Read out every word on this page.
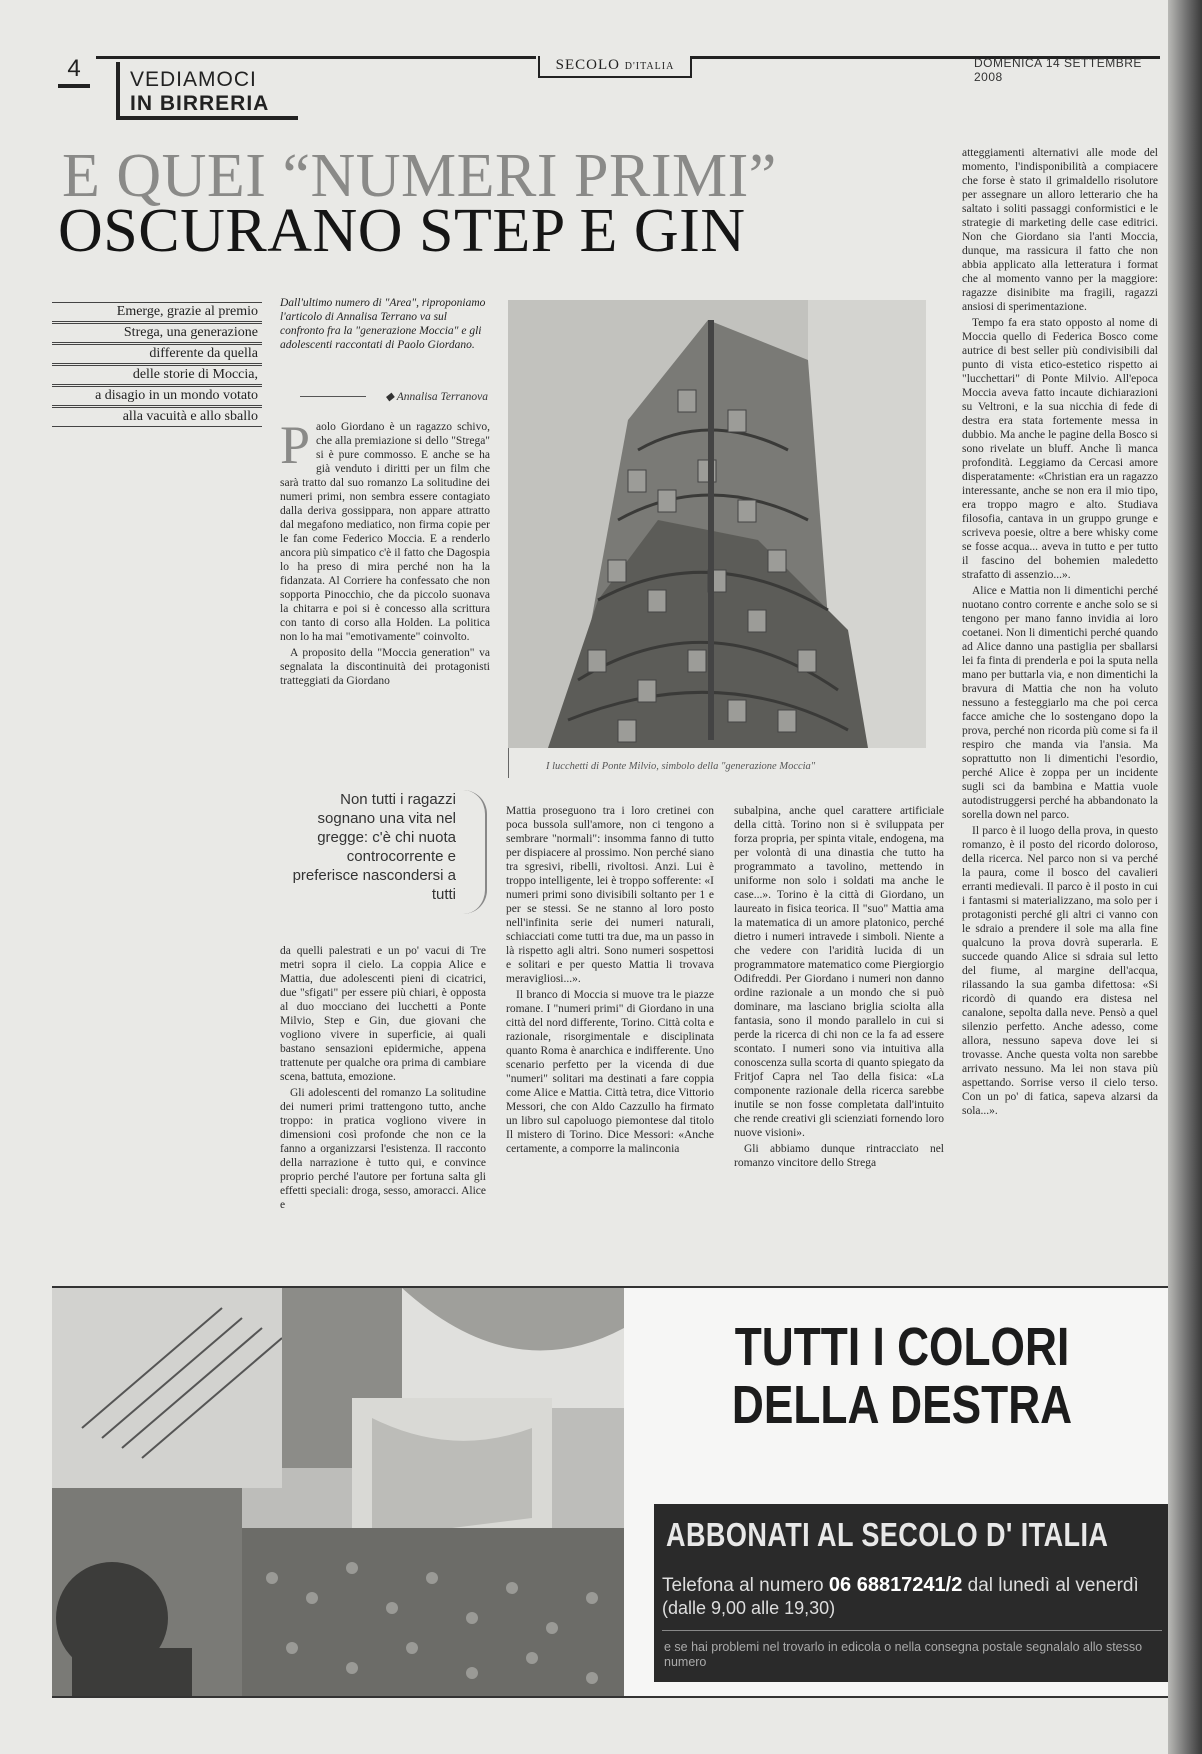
4	VEDIAMOCI
IN BIRRERIA
SECOLO D'ITALIA	DOMENICA 14 SETTEMBRE 2008
E QUEI “NUMERI PRIMI”
OSCURANO STEP E GIN
Emerge, grazie al premio
Strega, una generazione
differente da quella
delle storie di Moccia,
a disagio in un mondo votato
alla vacuità e allo sballo
Dall'ultimo numero di "Area", riproponiamo l'articolo di Annalisa Terrano va sul confronto fra la "generazione Moccia" e gli adolescenti raccontati di Paolo Giordano.
◆ Annalisa Terranova
P aolo Giordano è un ragazzo schivo, che alla premiazione si dello "Strega" si è pure commosso. E anche se ha già venduto i diritti per un film che sarà tratto dal suo romanzo La solitudine dei numeri primi, non sembra essere contagiato dalla deriva gossippara, non appare attratto dal megafono mediatico, non firma copie per le fan come Federico Moccia. E a renderlo ancora più simpatico c'è il fatto che Dagospia lo ha preso di mira perché non ha la fidanzata. Al Corriere ha confessato che non sopporta Pinocchio, che da piccolo suonava la chitarra e poi si è concesso alla scrittura con tanto di corso alla Holden. La politica non lo ha mai "emotivamente" coinvolto.

A proposito della "Moccia generation" va segnalata la discontinuità dei protagonisti tratteggiati da Giordano

I lucchetti di Ponte Milvio, simbolo della "generazione Moccia"
Non tutti i ragazzi sognano una vita nel gregge: c'è chi nuota controcorrente e preferisce nascondersi a tutti

da quelli palestrati e un po' vacui di Tre metri sopra il cielo. La coppia Alice e Mattia, due adolescenti pieni di cicatrici, due "sfigati" per essere più chiari, è opposta al duo mocciano dei lucchetti a Ponte Milvio, Step e Gin, due giovani che vogliono vivere in superficie, ai quali bastano sensazioni epidermiche, appena trattenute per qualche ora prima di cambiare scena, battuta, emozione.

Gli adolescenti del romanzo La solitudine dei numeri primi trattengono tutto, anche troppo: in pratica vogliono vivere in dimensioni così profonde che non ce la fanno a organizzarsi l'esistenza. Il racconto della narrazione è tutto qui, e convince proprio perché l'autore per fortuna salta gli effetti speciali: droga, sesso, amoracci. Alice e

Mattia proseguono tra i loro cretinei con poca bussola sull'amore, non ci tengono a sembrare "normali": insomma fanno di tutto per dispiacere al prossimo. Non perché siano tra sgresivi, ribelli, rivoltosi. Anzi. Lui è troppo intelligente, lei è troppo sofferente: «I numeri primi sono divisibili soltanto per 1 e per se stessi. Se ne stanno al loro posto nell'infinita serie dei numeri naturali, schiacciati come tutti tra due, ma un passo in là rispetto agli altri. Sono numeri sospettosi e solitari e per questo Mattia li trovava meravigliosi...».

Il branco di Moccia si muove tra le piazze romane. I "numeri primi" di Giordano in una città del nord differente, Torino. Città colta e razionale, risorgimentale e disciplinata quanto Roma è anarchica e indifferente. Uno scenario perfetto per la vicenda di due "numeri" solitari ma destinati a fare coppia come Alice e Mattia. Città tetra, dice Vittorio Messori, che con Aldo Cazzullo ha firmato un libro sul capoluogo piemontese dal titolo Il mistero di Torino. Dice Messori: «Anche certamente, a comporre la malinconia

subalpina, anche quel carattere artificiale della città. Torino non si è sviluppata per forza propria, per spinta vitale, endogena, ma per volontà di una dinastia che tutto ha programmato a tavolino, mettendo in uniforme non solo i soldati ma anche le case...». Torino è la città di Giordano, un laureato in fisica teorica. Il "suo" Mattia ama la matematica di un amore platonico, perché dietro i numeri intravede i simboli. Niente a che vedere con l'aridità lucida di un programmatore matematico come Piergiorgio Odifreddi. Per Giordano i numeri non danno ordine razionale a un mondo che si può dominare, ma lasciano briglia sciolta alla fantasia, sono il mondo parallelo in cui si perde la ricerca di chi non ce la fa ad essere scontato. I numeri sono via intuitiva alla conoscenza sulla scorta di quanto spiegato da Fritjof Capra nel Tao della fisica: «La componente razionale della ricerca sarebbe inutile se non fosse completata dall'intuito che rende creativi gli scienziati fornendo loro nuove visioni».

Gli abbiamo dunque rintracciato nel romanzo vincitore dello Strega

atteggiamenti alternativi alle mode del momento, l'indisponibilità a compiacere che forse è stato il grimaldello risolutore per assegnare un alloro letterario che ha saltato i soliti passaggi conformistici e le strategie di marketing delle case editrici. Non che Giordano sia l'anti Moccia, dunque, ma rassicura il fatto che non abbia applicato alla letteratura i format che al momento vanno per la maggiore: ragazze disinibite ma fragili, ragazzi ansiosi di sperimentazione.

Tempo fa era stato opposto al nome di Moccia quello di Federica Bosco come autrice di best seller più condivisibili dal punto di vista etico-estetico rispetto ai "lucchettari" di Ponte Milvio. All'epoca Moccia aveva fatto incaute dichiarazioni su Veltroni, e la sua nicchia di fede di destra era stata fortemente messa in dubbio. Ma anche le pagine della Bosco si sono rivelate un bluff. Anche lì manca profondità. Leggiamo da Cercasi amore disperatamente: «Christian era un ragazzo interessante, anche se non era il mio tipo, era troppo magro e alto. Studiava filosofia, cantava in un gruppo grunge e scriveva poesie, oltre a bere whisky come se fosse acqua... aveva in tutto e per tutto il fascino del bohemien maledetto strafatto di assenzio...».

Alice e Mattia non li dimentichi perché nuotano contro corrente e anche solo se si tengono per mano fanno invidia ai loro coetanei. Non li dimentichi perché quando ad Alice danno una pastiglia per sballarsi lei fa finta di prenderla e poi la sputa nella mano per buttarla via, e non dimentichi la bravura di Mattia che non ha voluto nessuno a festeggiarlo ma che poi cerca facce amiche che lo sostengano dopo la prova, perché non ricorda più come si fa il respiro che manda via l'ansia. Ma soprattutto non li dimentichi l'esordio, perché Alice è zoppa per un incidente sugli sci da bambina e Mattia vuole autodistruggersi perché ha abbandonato la sorella down nel parco.

Il parco è il luogo della prova, in questo romanzo, è il posto del ricordo doloroso, della ricerca. Nel parco non si va perché la paura, come il bosco del cavalieri erranti medievali. Il parco è il posto in cui i fantasmi si materializzano, ma solo per i protagonisti perché gli altri ci vanno con le sdraio a prendere il sole ma alla fine qualcuno la prova dovrà superarla. E succede quando Alice si sdraia sul letto del fiume, al margine dell'acqua, rilassando la sua gamba difettosa: «Si ricordò di quando era distesa nel canalone, sepolta dalla neve. Pensò a quel silenzio perfetto. Anche adesso, come allora, nessuno sapeva dove lei si trovasse. Anche questa volta non sarebbe arrivato nessuno. Ma lei non stava più aspettando. Sorrise verso il cielo terso. Con un po' di fatica, sapeva alzarsi da sola...».

TUTTI I COLORI
DELLA DESTRA
ABBONATI AL SECOLO D' ITALIA
Telefona al numero 06 68817241/2 dal lunedì al venerdì
(dalle 9,00 alle 19,30)
e se hai problemi nel trovarlo in edicola o nella consegna postale segnalalo allo stesso numero
